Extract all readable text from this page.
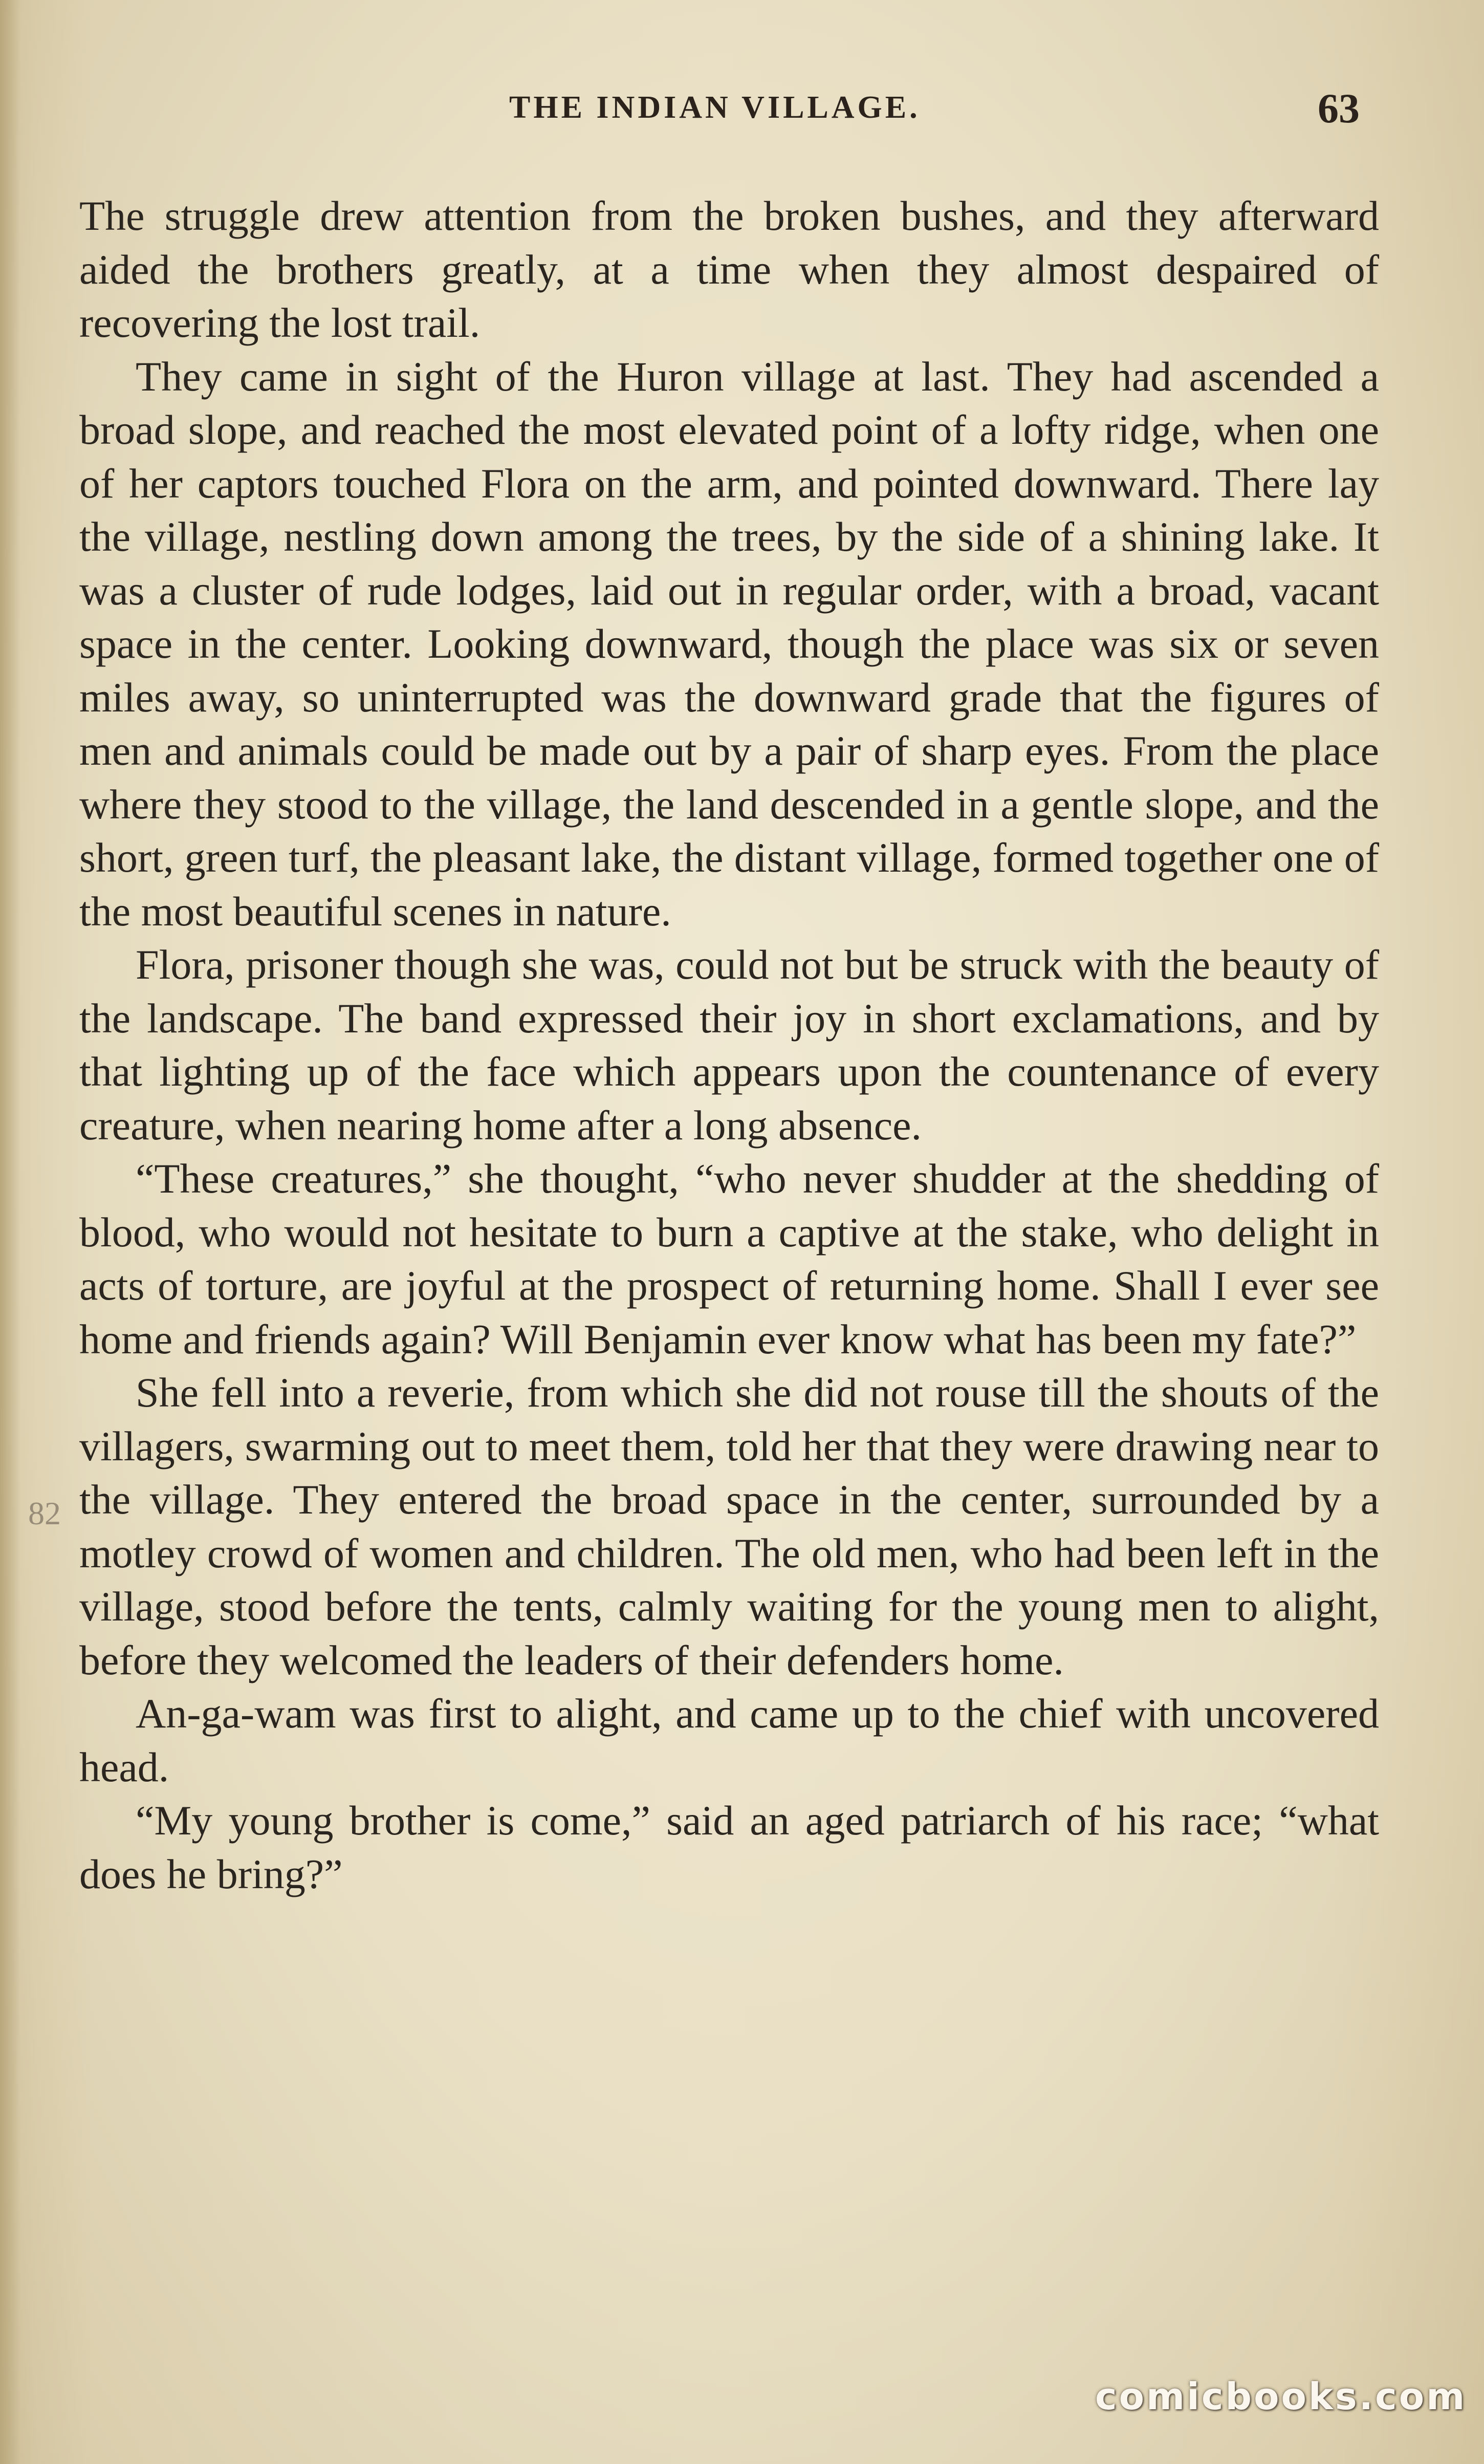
THE INDIAN VILLAGE.	63

The struggle drew attention from the broken bushes, and they afterward aided the brothers greatly, at a time when they almost despaired of recovering the lost trail.

They came in sight of the Huron village at last. They had ascended a broad slope, and reached the most elevated point of a lofty ridge, when one of her captors touched Flora on the arm, and pointed downward. There lay the village, nestling down among the trees, by the side of a shining lake. It was a cluster of rude lodges, laid out in regular order, with a broad, vacant space in the center. Looking downward, though the place was six or seven miles away, so uninterrupted was the downward grade that the figures of men and animals could be made out by a pair of sharp eyes. From the place where they stood to the village, the land descended in a gentle slope, and the short, green turf, the pleasant lake, the distant village, formed together one of the most beautiful scenes in nature.

Flora, prisoner though she was, could not but be struck with the beauty of the landscape. The band expressed their joy in short exclamations, and by that lighting up of the face which appears upon the countenance of every creature, when nearing home after a long absence.

“These creatures,” she thought, “who never shudder at the shedding of blood, who would not hesitate to burn a captive at the stake, who delight in acts of torture, are joyful at the prospect of returning home. Shall I ever see home and friends again? Will Benjamin ever know what has been my fate?”

She fell into a reverie, from which she did not rouse till the shouts of the villagers, swarming out to meet them, told her that they were drawing near to the village. They entered the broad space in the center, surrounded by a motley crowd of women and children. The old men, who had been left in the village, stood before the tents, calmly waiting for the young men to alight, before they welcomed the leaders of their defenders home.

An-ga-wam was first to alight, and came up to the chief with uncovered head.

“My young brother is come,” said an aged patriarch of his race; “what does he bring?”

82
comicbooks.com
